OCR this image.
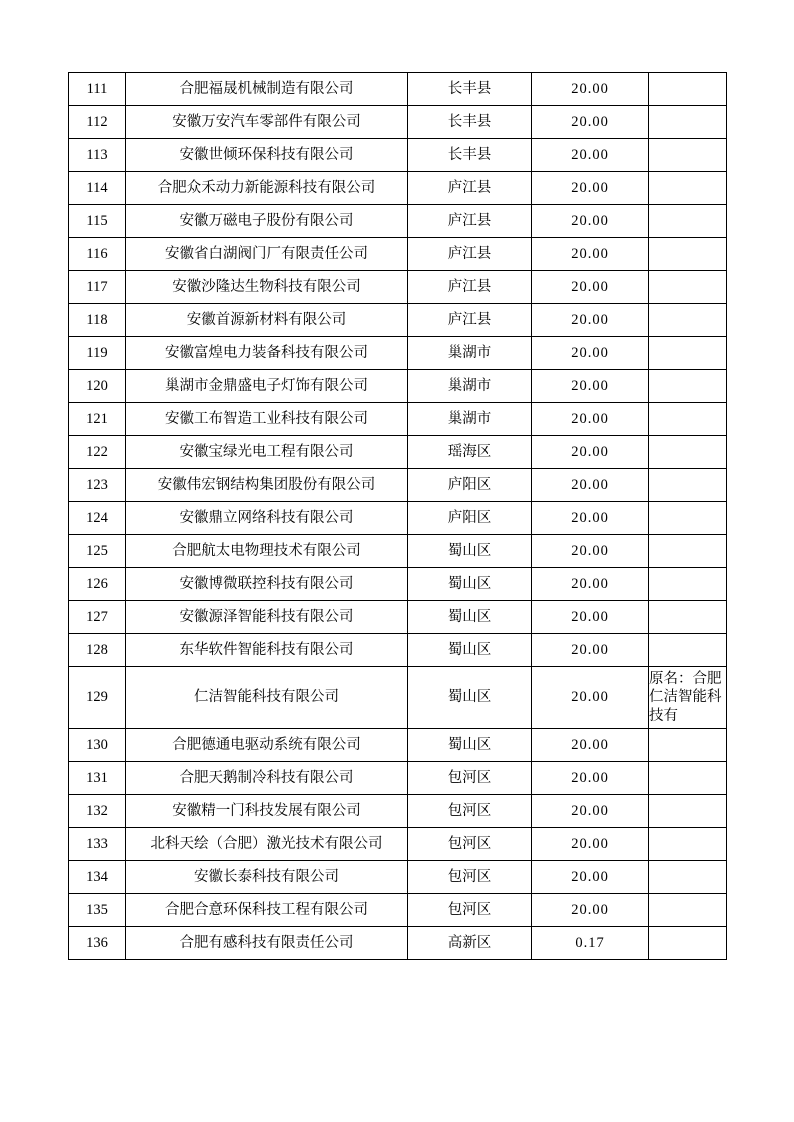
111	合肥福晟机械制造有限公司	长丰县	20.00	
112	安徽万安汽车零部件有限公司	长丰县	20.00	
113	安徽世倾环保科技有限公司	长丰县	20.00	
114	合肥众禾动力新能源科技有限公司	庐江县	20.00	
115	安徽万磁电子股份有限公司	庐江县	20.00	
116	安徽省白湖阀门厂有限责任公司	庐江县	20.00	
117	安徽沙隆达生物科技有限公司	庐江县	20.00	
118	安徽首源新材料有限公司	庐江县	20.00	
119	安徽富煌电力装备科技有限公司	巢湖市	20.00	
120	巢湖市金鼎盛电子灯饰有限公司	巢湖市	20.00	
121	安徽工布智造工业科技有限公司	巢湖市	20.00	
122	安徽宝绿光电工程有限公司	瑶海区	20.00	
123	安徽伟宏钢结构集团股份有限公司	庐阳区	20.00	
124	安徽鼎立网络科技有限公司	庐阳区	20.00	
125	合肥航太电物理技术有限公司	蜀山区	20.00	
126	安徽博微联控科技有限公司	蜀山区	20.00	
127	安徽源泽智能科技有限公司	蜀山区	20.00	
128	东华软件智能科技有限公司	蜀山区	20.00	
129	仁洁智能科技有限公司	蜀山区	20.00	原名：合肥仁洁智能科技有
130	合肥德通电驱动系统有限公司	蜀山区	20.00	
131	合肥天鹅制冷科技有限公司	包河区	20.00	
132	安徽精一门科技发展有限公司	包河区	20.00	
133	北科天绘（合肥）激光技术有限公司	包河区	20.00	
134	安徽长泰科技有限公司	包河区	20.00	
135	合肥合意环保科技工程有限公司	包河区	20.00	
136	合肥有感科技有限责任公司	高新区	0.17	
